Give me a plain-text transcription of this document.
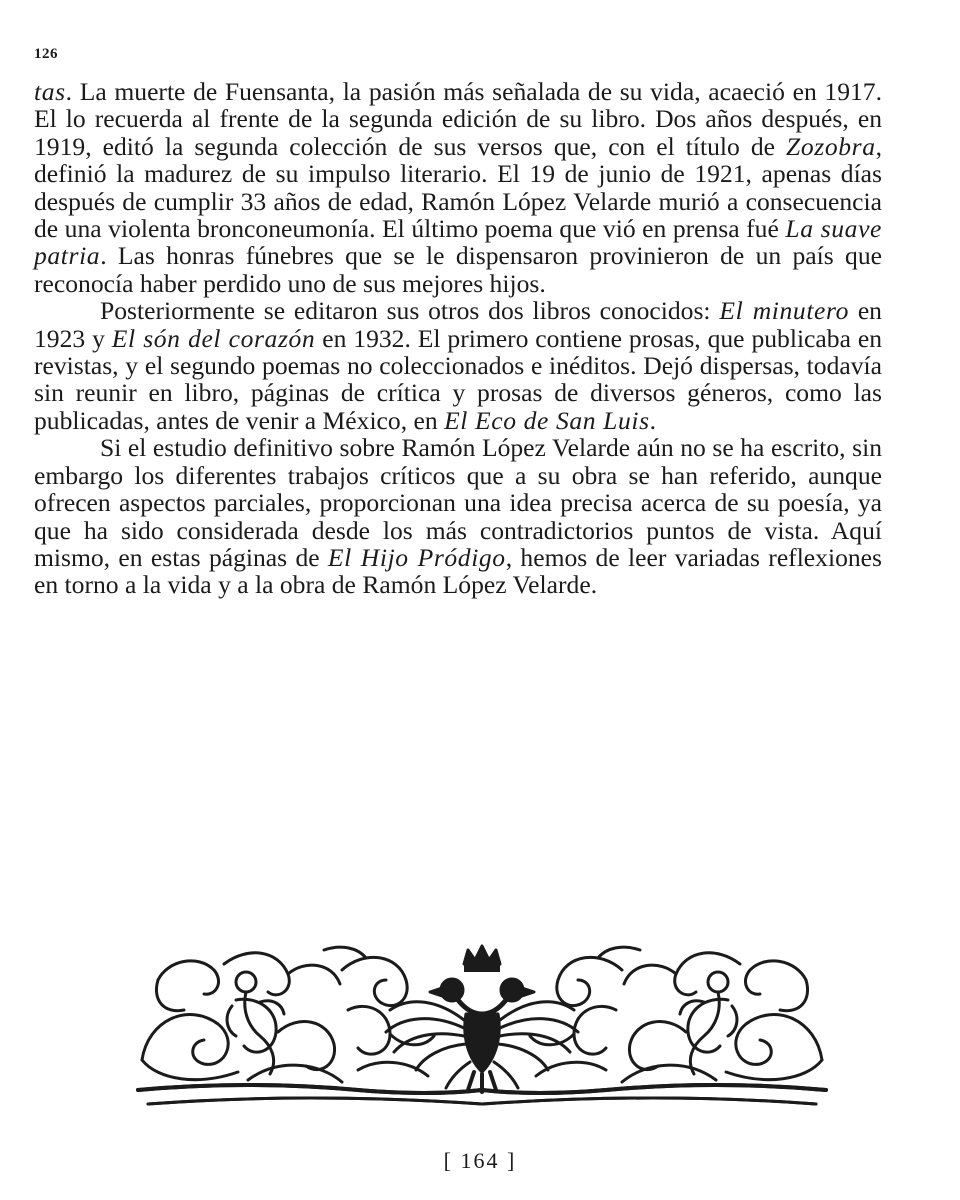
126

tas. La muerte de Fuensanta, la pasión más señalada de su vida, acaeció en 1917. El lo recuerda al frente de la segunda edición de su libro. Dos años después, en 1919, editó la segunda colección de sus versos que, con el título de Zozobra, definió la madurez de su impulso literario. El 19 de junio de 1921, apenas días después de cumplir 33 años de edad, Ramón López Velarde murió a consecuencia de una violenta bronconeumonía. El último poema que vió en prensa fué La suave patria. Las honras fúnebres que se le dispensaron provinieron de un país que reconocía haber perdido uno de sus mejores hijos.

Posteriormente se editaron sus otros dos libros conocidos: El minutero en 1923 y El són del corazón en 1932. El primero contiene prosas, que publicaba en revistas, y el segundo poemas no coleccionados e inéditos. Dejó dispersas, todavía sin reunir en libro, páginas de crítica y prosas de diversos géneros, como las publicadas, antes de venir a México, en El Eco de San Luis.

Si el estudio definitivo sobre Ramón López Velarde aún no se ha escrito, sin embargo los diferentes trabajos críticos que a su obra se han referido, aunque ofrecen aspectos parciales, proporcionan una idea precisa acerca de su poesía, ya que ha sido considerada desde los más contradictorios puntos de vista. Aquí mismo, en estas páginas de El Hijo Pródigo, hemos de leer variadas reflexiones en torno a la vida y a la obra de Ramón López Velarde.

[ 164 ]
